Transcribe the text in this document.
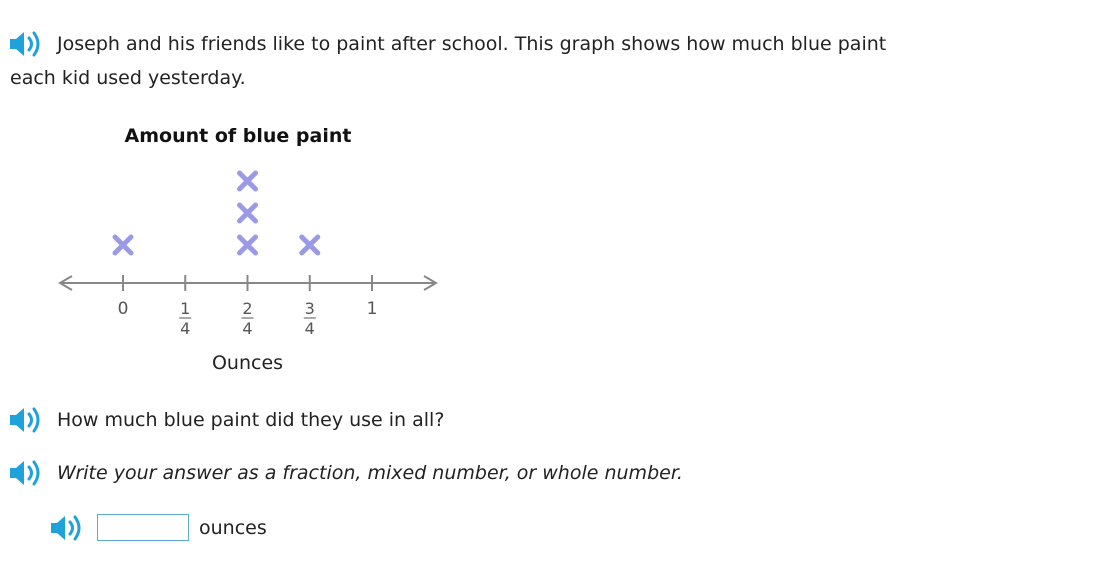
Joseph and his friends like to paint after school. This graph shows how much blue paint
each kid used yesterday.
Amount of blue paint
0	1
4
2
4
3
4
1
Ounces
How much blue paint did they use in all?
Write your answer as a fraction, mixed number, or whole number.
ounces
